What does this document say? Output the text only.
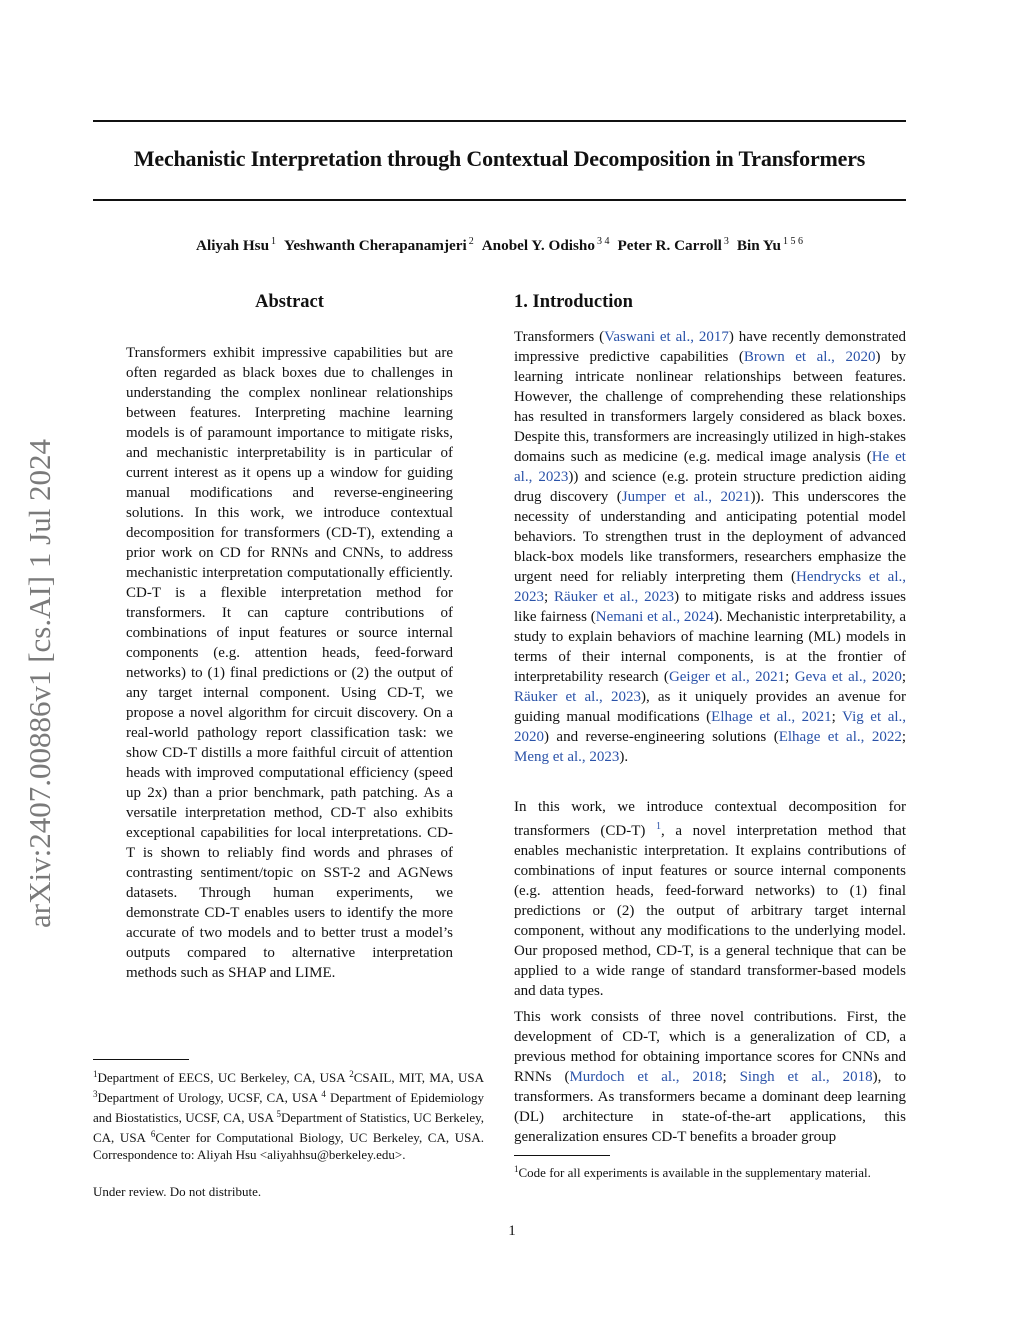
Mechanistic Interpretation through Contextual Decomposition in Transformers
Aliyah Hsu $^1$ Yeshwanth Cherapanamjeri $^2$ Anobel Y. Odisho $^{3 4}$ Peter R. Carroll $^3$ Bin Yu $^{1 5 6}$
arXiv:2407.00886v1 [cs.AI] 1 Jul 2024
Abstract

Transformers exhibit impressive capabilities but are often regarded as black boxes due to challenges in understanding the complex nonlinear relationships between features. Interpreting machine learning models is of paramount importance to mitigate risks, and mechanistic interpretability is in particular of current interest as it opens up a window for guiding manual modifications and reverse-engineering solutions. In this work, we introduce contextual decomposition for transformers (CD-T), extending a prior work on CD for RNNs and CNNs, to address mechanistic interpretation computationally efficiently. CD-T is a flexible interpretation method for transformers. It can capture contributions of combinations of input features or source internal components (e.g. attention heads, feed-forward networks) to (1) final predictions or (2) the output of any target internal component. Using CD-T, we propose a novel algorithm for circuit discovery. On a real-world pathology report classification task: we show CD-T distills a more faithful circuit of attention heads with improved computational efficiency (speed up 2x) than a prior benchmark, path patching. As a versatile interpretation method, CD-T also exhibits exceptional capabilities for local interpretations. CD-T is shown to reliably find words and phrases of contrasting sentiment/topic on SST-2 and AGNews datasets. Through human experiments, we demonstrate CD-T enables users to identify the more accurate of two models and to better trust a model’s outputs compared to alternative interpretation methods such as SHAP and LIME.

$^1$Department of EECS, UC Berkeley, CA, USA $^2$CSAIL, MIT, MA, USA $^3$Department of Urology, UCSF, CA, USA $^4$ Department of Epidemiology and Biostatistics, UCSF, CA, USA $^5$Department of Statistics, UC Berkeley, CA, USA $^6$Center for Computational Biology, UC Berkeley, CA, USA. Correspondence to: Aliyah Hsu <aliyahhsu@berkeley.edu>.

Under review. Do not distribute.

1. Introduction

Transformers (Vaswani et al., 2017) have recently demonstrated impressive predictive capabilities (Brown et al., 2020) by learning intricate nonlinear relationships between features. However, the challenge of comprehending these relationships has resulted in transformers largely considered as black boxes. Despite this, transformers are increasingly utilized in high-stakes domains such as medicine (e.g. medical image analysis (He et al., 2023)) and science (e.g. protein structure prediction aiding drug discovery (Jumper et al., 2021)). This underscores the necessity of understanding and anticipating potential model behaviors. To strengthen trust in the deployment of advanced black-box models like transformers, researchers emphasize the urgent need for reliably interpreting them (Hendrycks et al., 2023; Räuker et al., 2023) to mitigate risks and address issues like fairness (Nemani et al., 2024). Mechanistic interpretability, a study to explain behaviors of machine learning (ML) models in terms of their internal components, is at the frontier of interpretability research (Geiger et al., 2021; Geva et al., 2020; Räuker et al., 2023), as it uniquely provides an avenue for guiding manual modifications (Elhage et al., 2021; Vig et al., 2020) and reverse-engineering solutions (Elhage et al., 2022; Meng et al., 2023).

In this work, we introduce contextual decomposition for transformers (CD-T) $^1$, a novel interpretation method that enables mechanistic interpretation. It explains contributions of combinations of input features or source internal components (e.g. attention heads, feed-forward networks) to (1) final predictions or (2) the output of arbitrary target internal component, without any modifications to the underlying model. Our proposed method, CD-T, is a general technique that can be applied to a wide range of standard transformer-based models and data types.

This work consists of three novel contributions. First, the development of CD-T, which is a generalization of CD, a previous method for obtaining importance scores for CNNs and RNNs (Murdoch et al., 2018; Singh et al., 2018), to transformers. As transformers became a dominant deep learning (DL) architecture in state-of-the-art applications, this generalization ensures CD-T benefits a broader group

$^1$Code for all experiments is available in the supplementary material.

1
